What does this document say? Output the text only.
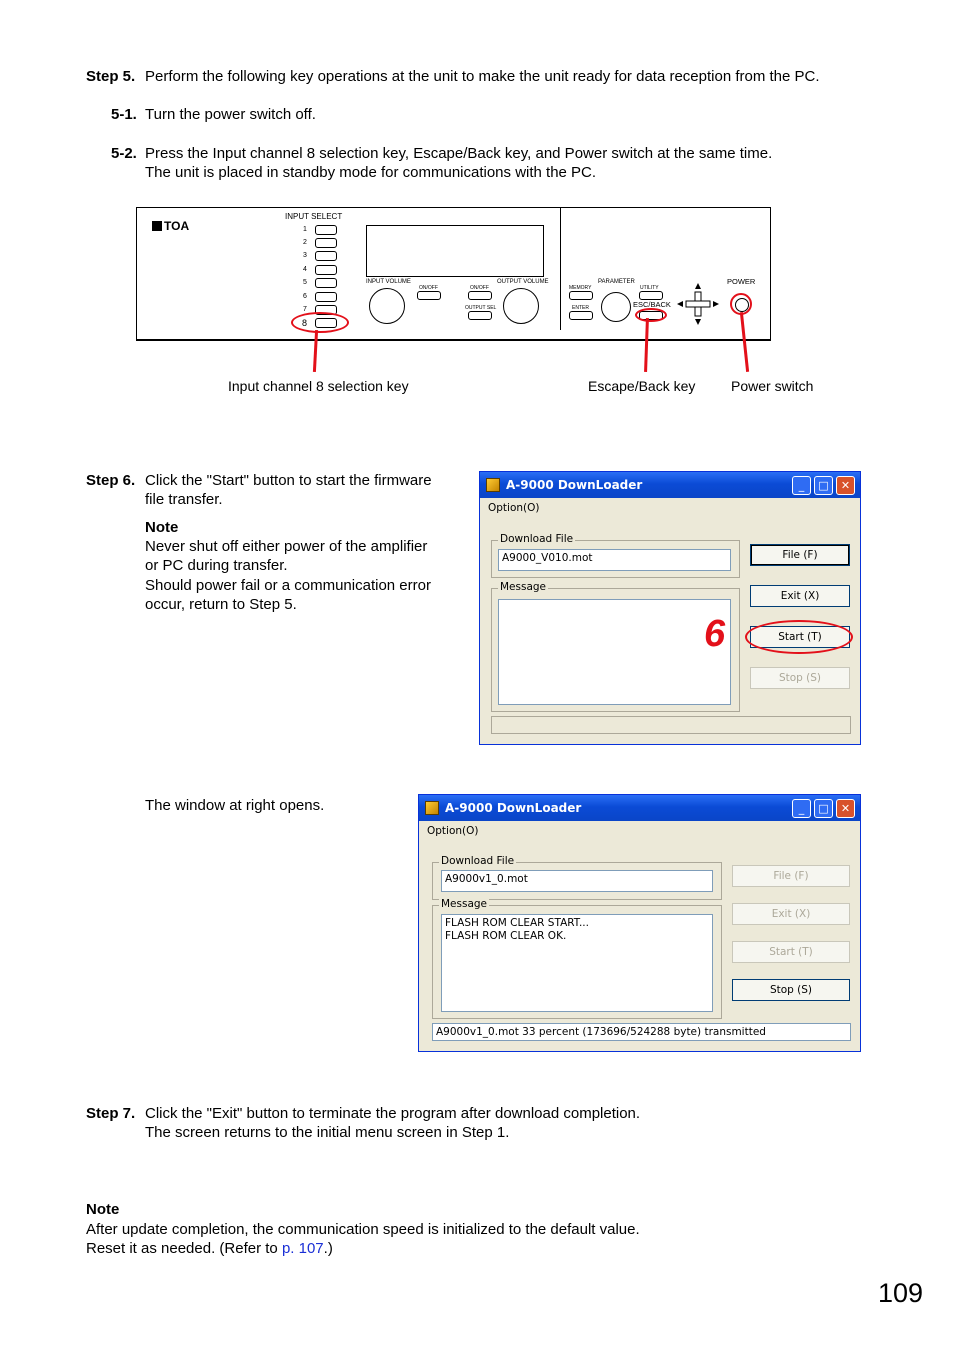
Step 5. Perform the following key operations at the unit to make the unit ready for data reception from the PC.
5-1. Turn the power switch off.
5-2. Press the Input channel 8 selection key, Escape/Back key, and Power switch at the same time.
The unit is placed in standby mode for communications with the PC.
TOA
INPUT SELECT
1
2
3
4
5
6
7
8
INPUT VOLUME
ON/OFF	ON/OFF
OUTPUT SEL
OUTPUT VOLUME
MEMORY
ENTER
PARAMETER
UTILITY
ESC/BACK
POWER
Input channel 8 selection key	Escape/Back key	Power switch
Step 6. Click the "Start" button to start the firmware
file transfer.
Note
Never shut off either power of the amplifier
or PC during transfer.
Should power fail or a communication error
occur, return to Step 5.
A-9000 DownLoader	_	□	✕
Option(O)
Download File
A9000_V010.mot
Message
File (F)
Exit (X)
Start (T)
Stop (S)
6
The window at right opens.	A-9000 DownLoader	_	□	✕
Option(O)
Download File
A9000v1_0.mot
Message
FLASH ROM CLEAR START...
FLASH ROM CLEAR OK.
File (F)
Exit (X)
Start (T)
Stop (S)
A9000v1_0.mot 33 percent (173696/524288 byte) transmitted
Step 7. Click the "Exit" button to terminate the program after download completion.
The screen returns to the initial menu screen in Step 1.
Note
After update completion, the communication speed is initialized to the default value.
Reset it as needed. (Refer to p. 107.)
109
